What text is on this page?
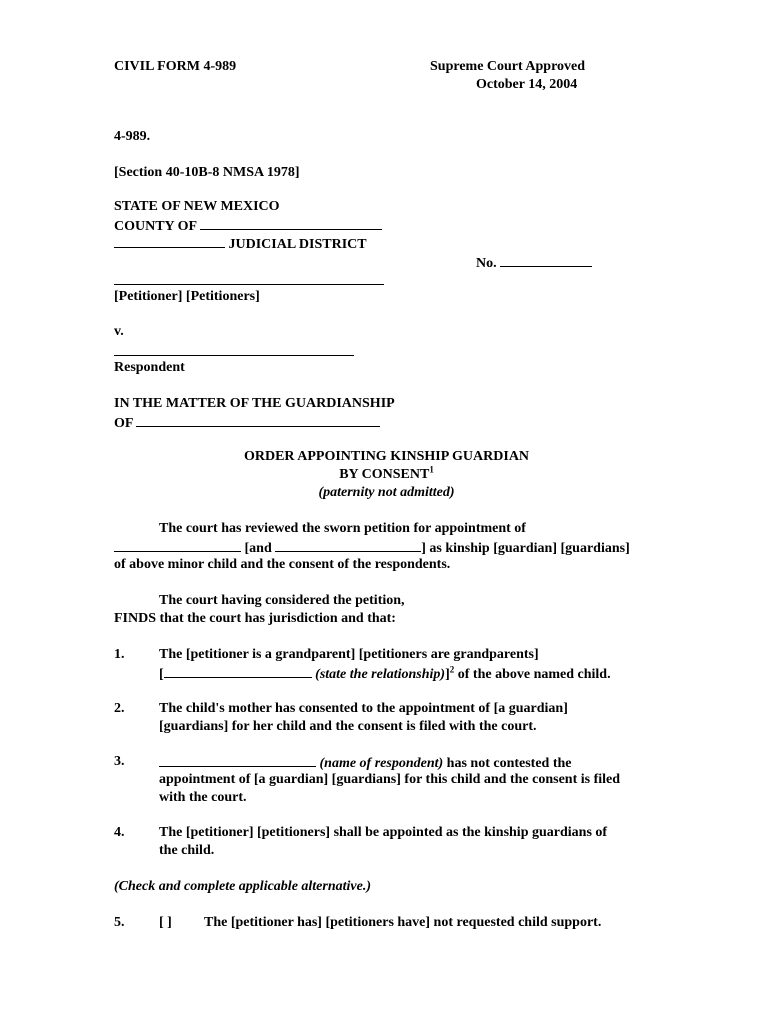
CIVIL FORM 4-989	Supreme Court Approved
October 14, 2004
4-989.
[Section 40-10B-8 NMSA 1978]
STATE OF NEW MEXICO
COUNTY OF
JUDICIAL DISTRICT
No.
[Petitioner] [Petitioners]
v.
Respondent
IN THE MATTER OF THE GUARDIANSHIP
OF
ORDER APPOINTING KINSHIP GUARDIAN
BY CONSENT$^1$
(paternity not admitted)
The court has reviewed the sworn petition for appointment of
[and	] as kinship [guardian] [guardians]
of above minor child and the consent of the respondents.
The court having considered the petition,
FINDS that the court has jurisdiction and that:
1. The [petitioner is a grandparent] [petitioners are grandparents]
[	(state the relationship)]$^2$ of the above named child.
2. The child's mother has consented to the appointment of [a guardian]
[guardians] for her child and the consent is filed with the court.
3.	(name of respondent) has not contested the
appointment of [a guardian] [guardians] for this child and the consent is filed
with the court.
4. The [petitioner] [petitioners] shall be appointed as the kinship guardians of
the child.
(Check and complete applicable alternative.)
5. [ ] The [petitioner has] [petitioners have] not requested child support.
